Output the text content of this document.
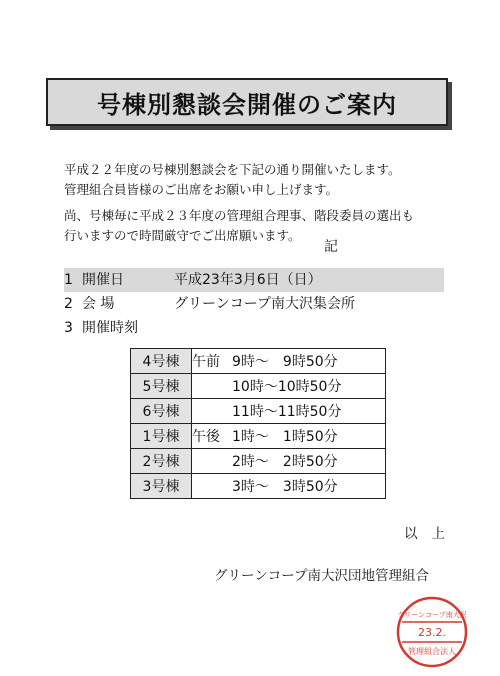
号棟別懇談会開催のご案内
平成２２年度の号棟別懇談会を下記の通り開催いたします。
管理組合員皆様のご出席をお願い申し上げます。
尚、号棟毎に平成２３年度の管理組合理事、階段委員の選出も
行いますので時間厳守でご出席願います。
記
1 開催日	平成23年3月6日（日）
2 会 場	グリーンコープ南大沢集会所
3 開催時刻
4号棟	午前 9時～　9時50分
5号棟	10時～10時50分
6号棟	11時～11時50分
1号棟	午後 1時～　1時50分
2号棟	2時～　2時50分
3号棟	3時～　3時50分
以上
グリーンコープ南大沢団地管理組合
グリーンコープ南大沢
23.2.
管理組合法人
